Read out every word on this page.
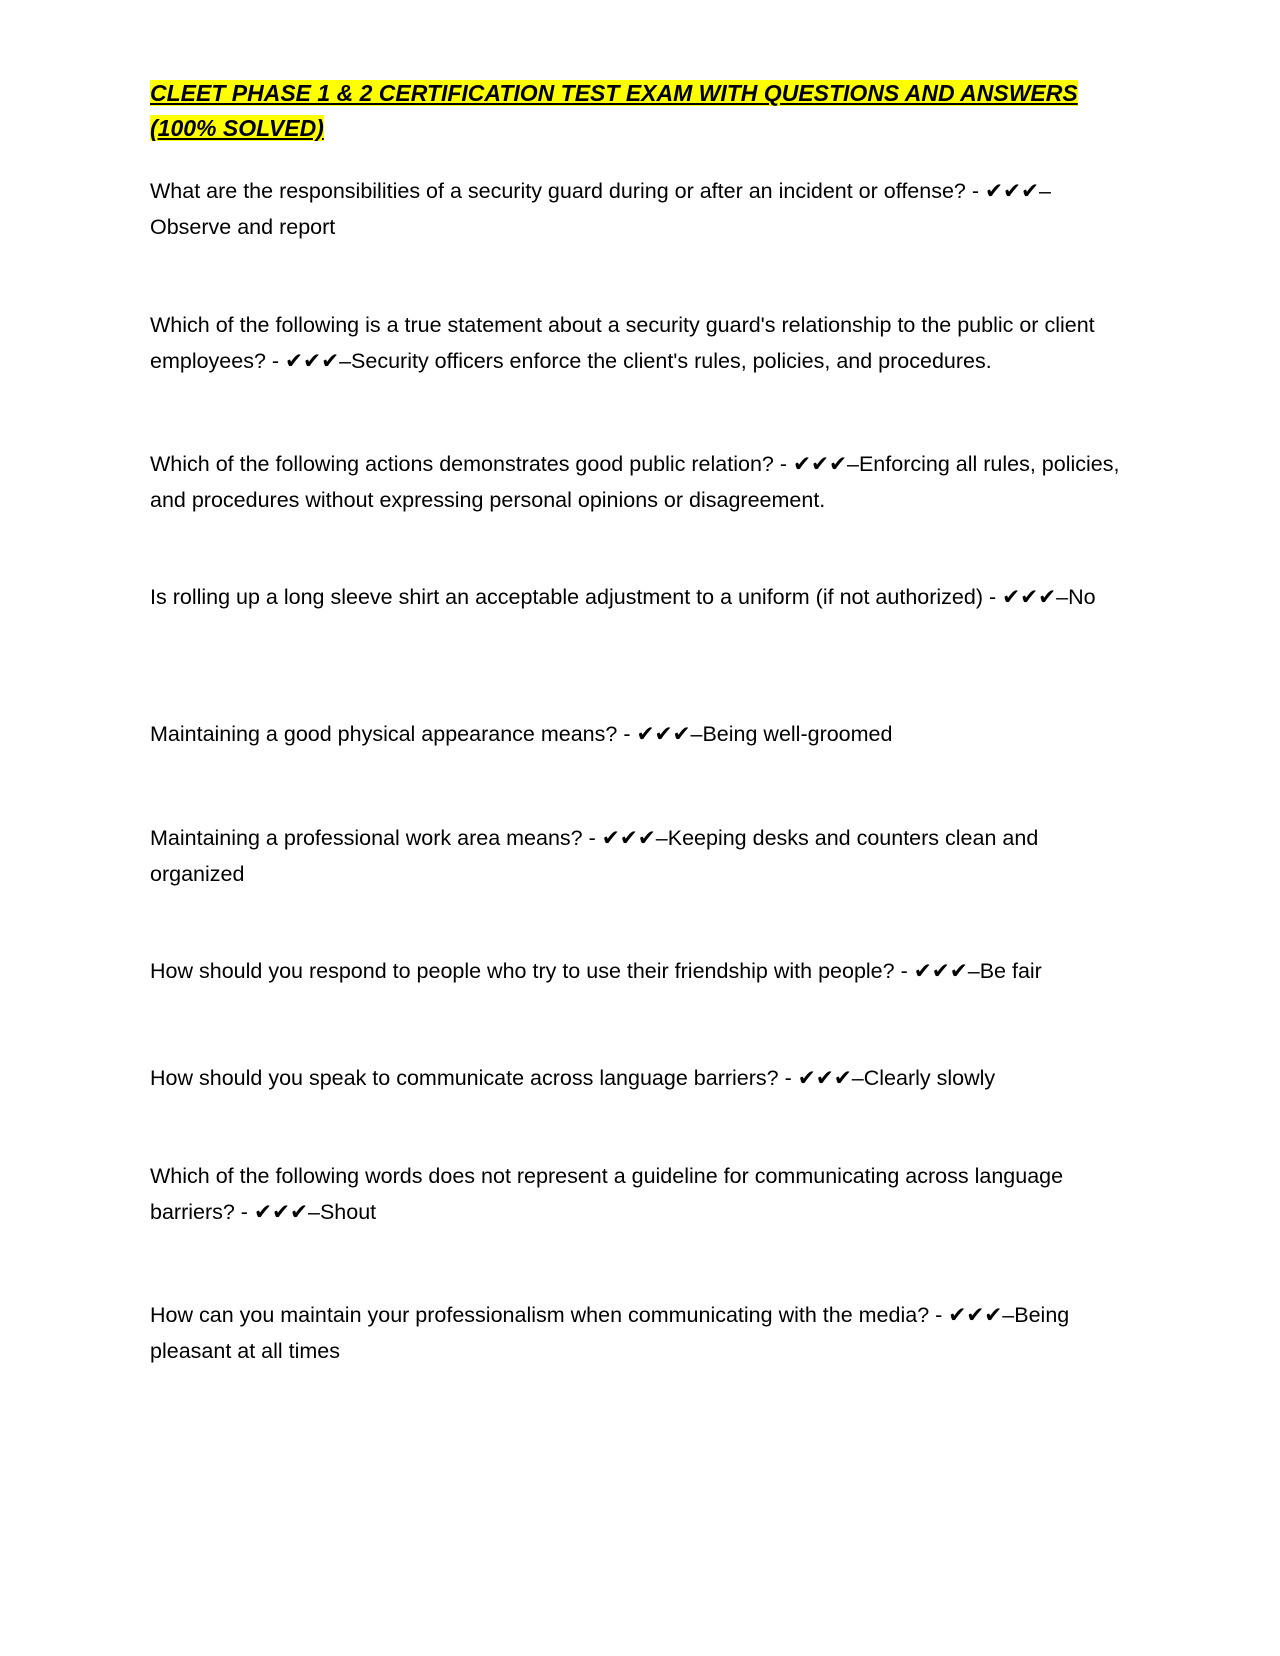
CLEET PHASE 1 & 2 CERTIFICATION TEST EXAM WITH QUESTIONS AND ANSWERS (100% SOLVED)

What are the responsibilities of a security guard during or after an incident or offense? - ✔✔✔–Observe and report

Which of the following is a true statement about a security guard's relationship to the public or client employees? - ✔✔✔–Security officers enforce the client's rules, policies, and procedures.

Which of the following actions demonstrates good public relation? - ✔✔✔–Enforcing all rules, policies, and procedures without expressing personal opinions or disagreement.

Is rolling up a long sleeve shirt an acceptable adjustment to a uniform (if not authorized) - ✔✔✔–No

Maintaining a good physical appearance means? - ✔✔✔–Being well-groomed

Maintaining a professional work area means? - ✔✔✔–Keeping desks and counters clean and organized

How should you respond to people who try to use their friendship with people? - ✔✔✔–Be fair

How should you speak to communicate across language barriers? - ✔✔✔–Clearly slowly

Which of the following words does not represent a guideline for communicating across language barriers? - ✔✔✔–Shout

How can you maintain your professionalism when communicating with the media? - ✔✔✔–Being pleasant at all times
